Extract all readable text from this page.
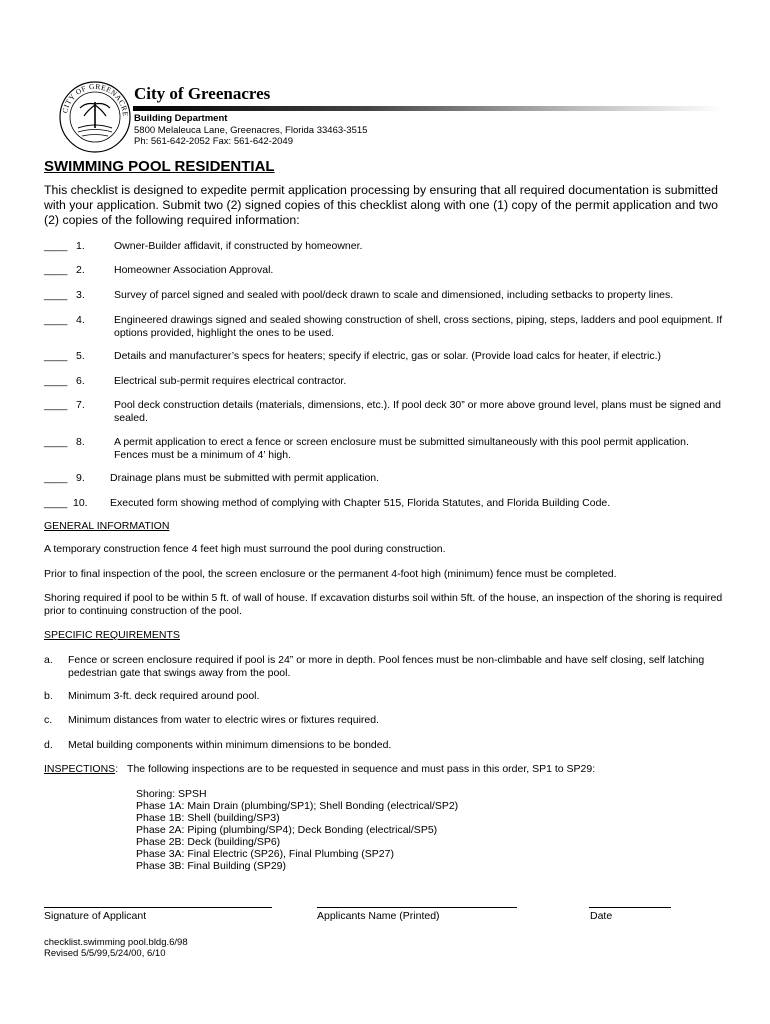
CITY OF GREENACRE
City of Greenacres
Building Department
5800 Melaleuca Lane, Greenacres, Florida 33463-3515
Ph: 561-642-2052 Fax: 561-642-2049
SWIMMING POOL RESIDENTIAL
This checklist is designed to expedite permit application processing by ensuring that all required documentation is submitted with your application. Submit two (2) signed copies of this checklist along with one (1) copy of the permit application and two (2) copies of the following required information:
____ 1.	Owner-Builder affidavit, if constructed by homeowner.
____ 2.	Homeowner Association Approval.
____ 3.	Survey of parcel signed and sealed with pool/deck drawn to scale and dimensioned, including setbacks to property lines.
____ 4.	Engineered drawings signed and sealed showing construction of shell, cross sections, piping, steps, ladders and pool equipment. If options provided, highlight the ones to be used.
____ 5.	Details and manufacturer’s specs for heaters; specify if electric, gas or solar. (Provide load calcs for heater, if electric.)
____ 6.	Electrical sub-permit requires electrical contractor.
____ 7.	Pool deck construction details (materials, dimensions, etc.). If pool deck 30” or more above ground level, plans must be signed and sealed.
____ 8.	A permit application to erect a fence or screen enclosure must be submitted simultaneously with this pool permit application. Fences must be a minimum of 4’ high.
____ 9. Drainage plans must be submitted with permit application.
____ 10. Executed form showing method of complying with Chapter 515, Florida Statutes, and Florida Building Code.
GENERAL INFORMATION
A temporary construction fence 4 feet high must surround the pool during construction.
Prior to final inspection of the pool, the screen enclosure or the permanent 4-foot high (minimum) fence must be completed.
Shoring required if pool to be within 5 ft. of wall of house. If excavation disturbs soil within 5ft. of the house, an inspection of the shoring is required prior to continuing construction of the pool.
SPECIFIC REQUIREMENTS
a. Fence or screen enclosure required if pool is 24” or more in depth. Pool fences must be non-climbable and have self closing, self latching pedestrian gate that swings away from the pool.
b. Minimum 3-ft. deck required around pool.
c. Minimum distances from water to electric wires or fixtures required.
d. Metal building components within minimum dimensions to be bonded.
INSPECTIONS: The following inspections are to be requested in sequence and must pass in this order, SP1 to SP29:
Shoring: SPSH
Phase 1A: Main Drain (plumbing/SP1); Shell Bonding (electrical/SP2)
Phase 1B: Shell (building/SP3)
Phase 2A: Piping (plumbing/SP4); Deck Bonding (electrical/SP5)
Phase 2B: Deck (building/SP6)
Phase 3A: Final Electric (SP26), Final Plumbing (SP27)
Phase 3B: Final Building (SP29)
Signature of Applicant	Applicants Name (Printed)	Date
checklist.swimming pool.bldg.6/98
Revised 5/5/99,5/24/00, 6/10
